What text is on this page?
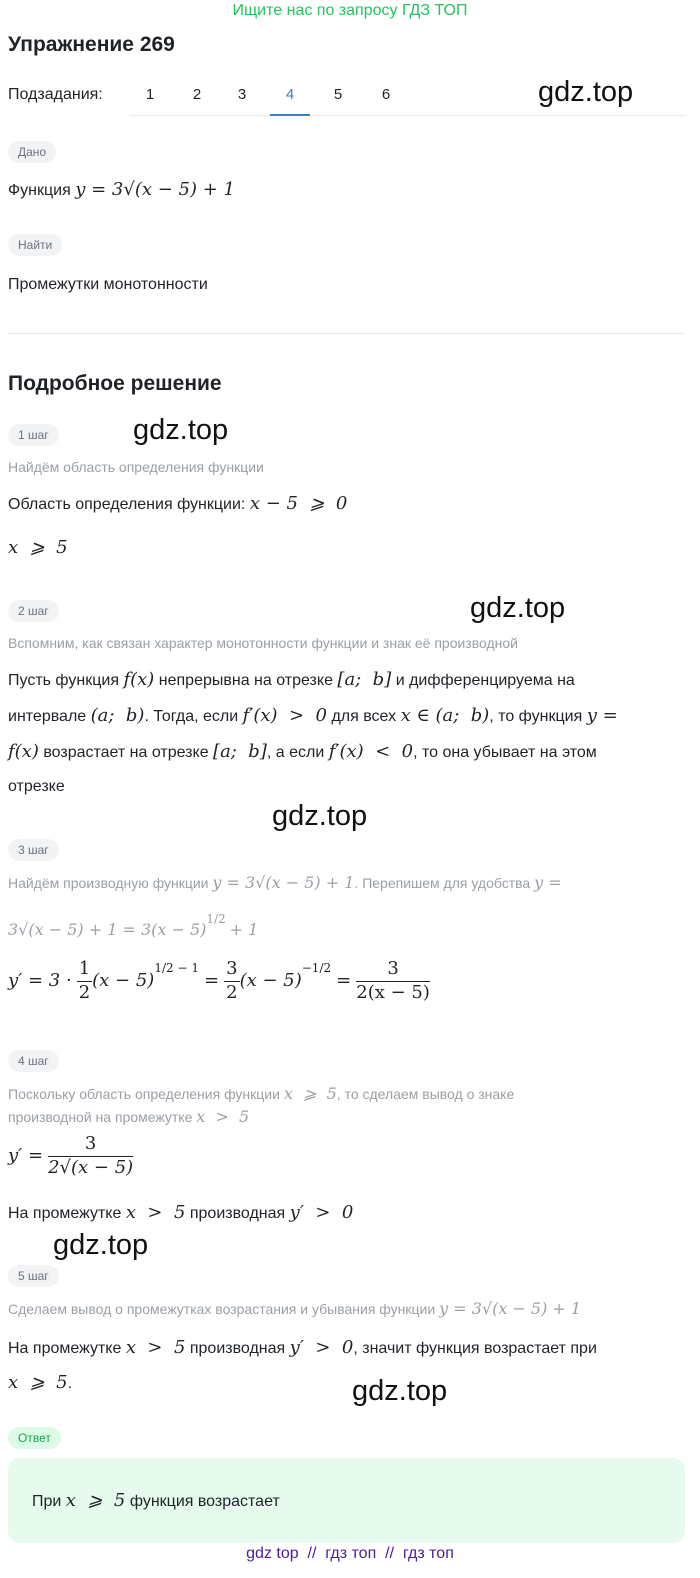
Ищите нас по запросу ГДЗ ТОП
Упражнение 269
Подзадания:	1	2	3	4	5	6	gdz.top
gdz.top
gdz.top
gdz.top
gdz.top
gdz.top
Дано
Функция y = 3√(x − 5) + 1
Найти
Промежутки монотонности
Подробное решение
1 шаг
Найдём область определения функции
Область определения функции: x − 5  ⩾  0
x  ⩾  5
2 шаг
Вспомним, как связан характер монотонности функции и знак её производной
Пусть функция f(x) непрерывна на отрезке [a;  b] и дифференцируема на
интервале (a;  b). Тогда, если f′(x)  >  0 для всех x ∈ (a;  b), то функция y =
f(x) возрастает на отрезке [a;  b], а если f′(x)  <  0, то она убывает на этом
отрезке
3 шаг
Найдём производную функции y = 3√(x − 5) + 1. Перепишем для удобства y =
3√(x − 5) + 1 = 3(x − 5)1/2 + 1
$y' = 3 \cdot \frac{1}{2} (x - 5)^{1/2 - 1} = \frac{3}{2} (x - 5)^{-1/2} = \frac{3}{2(x - 5)}$
4 шаг
Поскольку область определения функции x  ⩾  5, то сделаем вывод о знаке
производной на промежутке x  >  5
$y' = \frac{3}{2√(x - 5)}$
На промежутке x  >  5 производная y′  >  0
5 шаг
Сделаем вывод о промежутках возрастания и убывания функции y = 3√(x − 5) + 1
На промежутке x  >  5 производная y′  >  0, значит функция возрастает при
x  ⩾  5.
Ответ
При x  ⩾  5 функция возрастает
gdz top  //  гдз топ  //  гдз топ
